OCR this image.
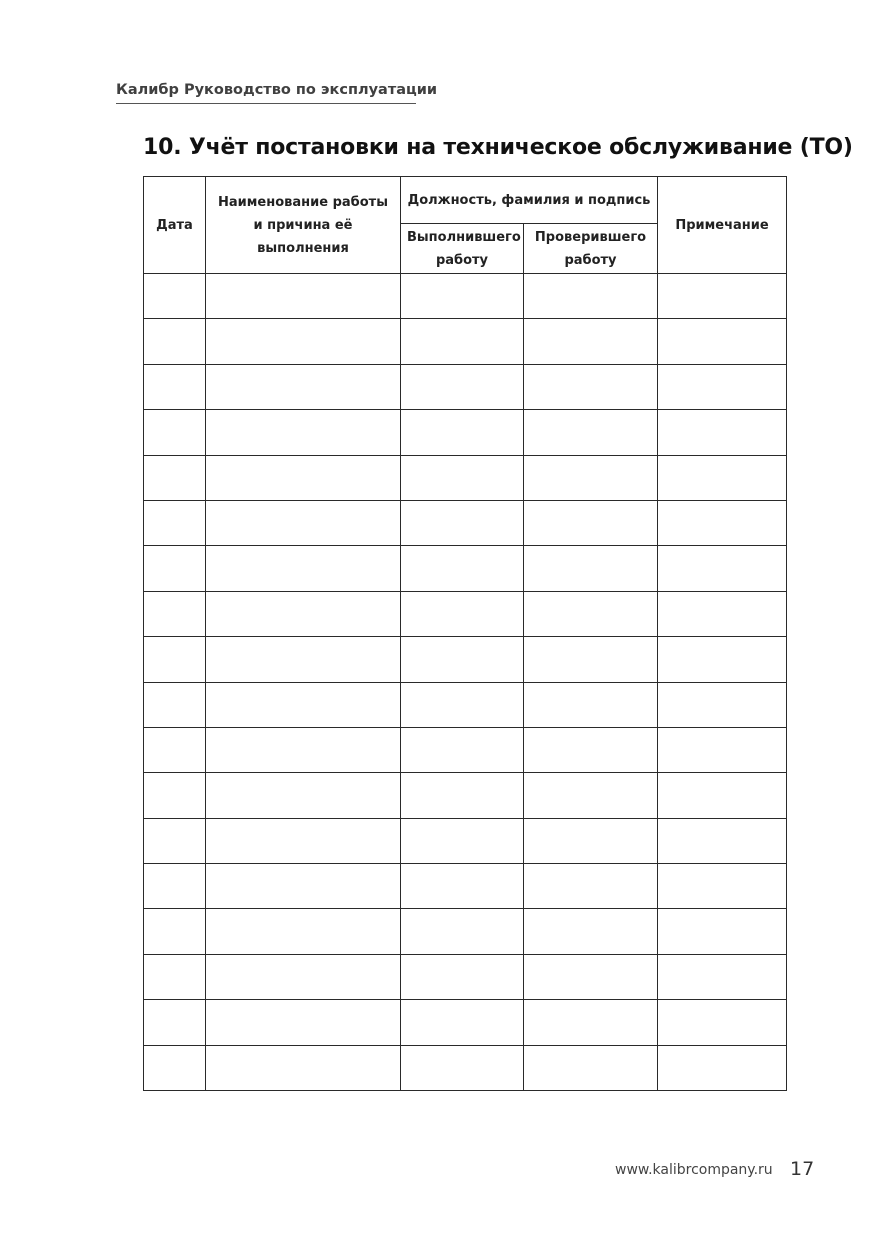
Калибр Руководство по эксплуатации
10. Учёт постановки на техническое обслуживание (ТО)
Дата	Наименование работы и причина её выполнения	Должность, фамилия и подпись		Примечание
		Выполнившего работу	Проверившего работу	

www.kalibrcompany.ru 17
